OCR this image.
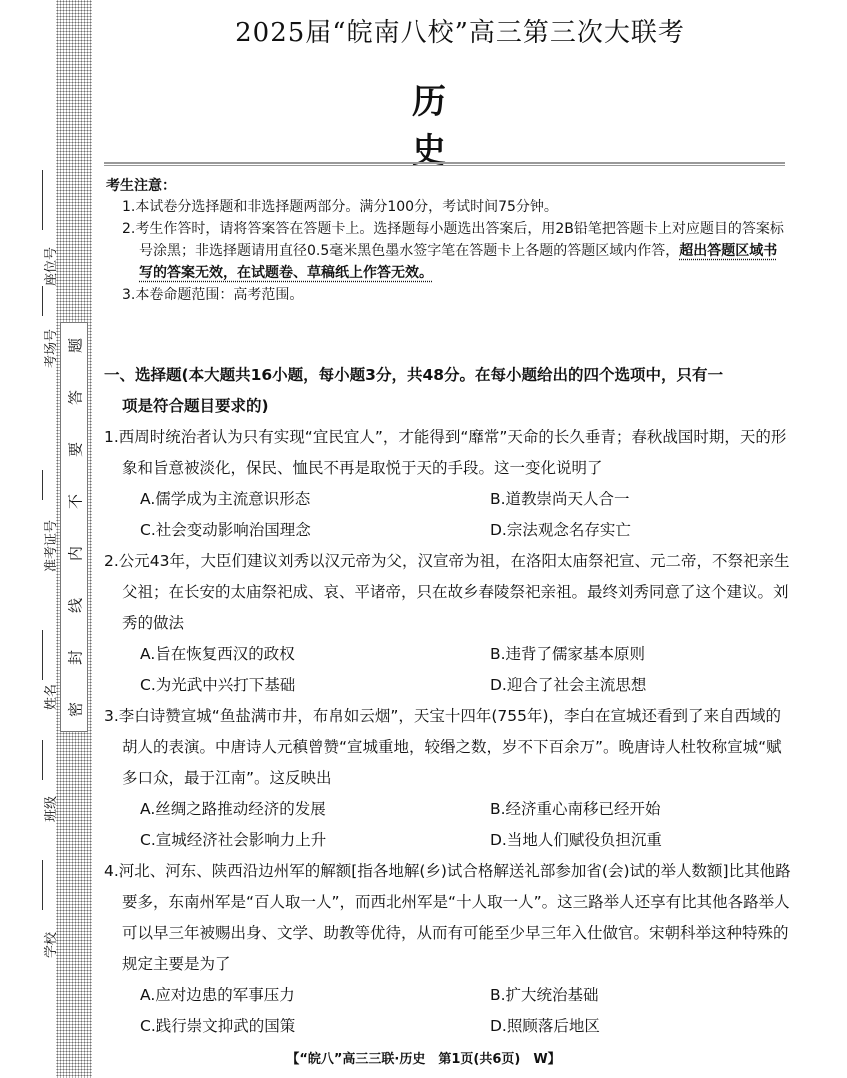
座位号
考场号
准考证号
姓名
班级
学校
题
答
要
不
内
线
封
密
2025届“皖南八校”高三第三次大联考
历史
考生注意：
1.本试卷分选择题和非选择题两部分。满分100分，考试时间75分钟。
2.考生作答时，请将答案答在答题卡上。选择题每小题选出答案后，用2B铅笔把答题卡上对应题目的答案标号涂黑；非选择题请用直径0.5毫米黑色墨水签字笔在答题卡上各题的答题区域内作答，超出答题区域书写的答案无效，在试题卷、草稿纸上作答无效。
3.本卷命题范围：高考范围。
一、选择题(本大题共16小题，每小题3分，共48分。在每小题给出的四个选项中，只有一
项是符合题目要求的)
1.西周时统治者认为只有实现“宜民宜人”，才能得到“靡常”天命的长久垂青；春秋战国时期，天的形象和旨意被淡化，保民、恤民不再是取悦于天的手段。这一变化说明了
A.儒学成为主流意识形态	B.道教崇尚天人合一
C.社会变动影响治国理念	D.宗法观念名存实亡
2.公元43年，大臣们建议刘秀以汉元帝为父，汉宣帝为祖，在洛阳太庙祭祀宣、元二帝，不祭祀亲生父祖；在长安的太庙祭祀成、哀、平诸帝，只在故乡春陵祭祀亲祖。最终刘秀同意了这个建议。刘秀的做法
A.旨在恢复西汉的政权	B.违背了儒家基本原则
C.为光武中兴打下基础	D.迎合了社会主流思想
3.李白诗赞宣城“鱼盐满市井，布帛如云烟”，天宝十四年(755年)，李白在宣城还看到了来自西域的胡人的表演。中唐诗人元稹曾赞“宣城重地，较缗之数，岁不下百余万”。晚唐诗人杜牧称宣城“赋多口众，最于江南”。这反映出
A.丝绸之路推动经济的发展	B.经济重心南移已经开始
C.宣城经济社会影响力上升	D.当地人们赋役负担沉重
4.河北、河东、陕西沿边州军的解额[指各地解(乡)试合格解送礼部参加省(会)试的举人数额]比其他路要多，东南州军是“百人取一人”，而西北州军是“十人取一人”。这三路举人还享有比其他各路举人可以早三年被赐出身、文学、助教等优待，从而有可能至少早三年入仕做官。宋朝科举这种特殊的规定主要是为了
A.应对边患的军事压力	B.扩大统治基础
C.践行崇文抑武的国策	D.照顾落后地区
【“皖八”高三三联·历史　第1页(共6页)　W】
